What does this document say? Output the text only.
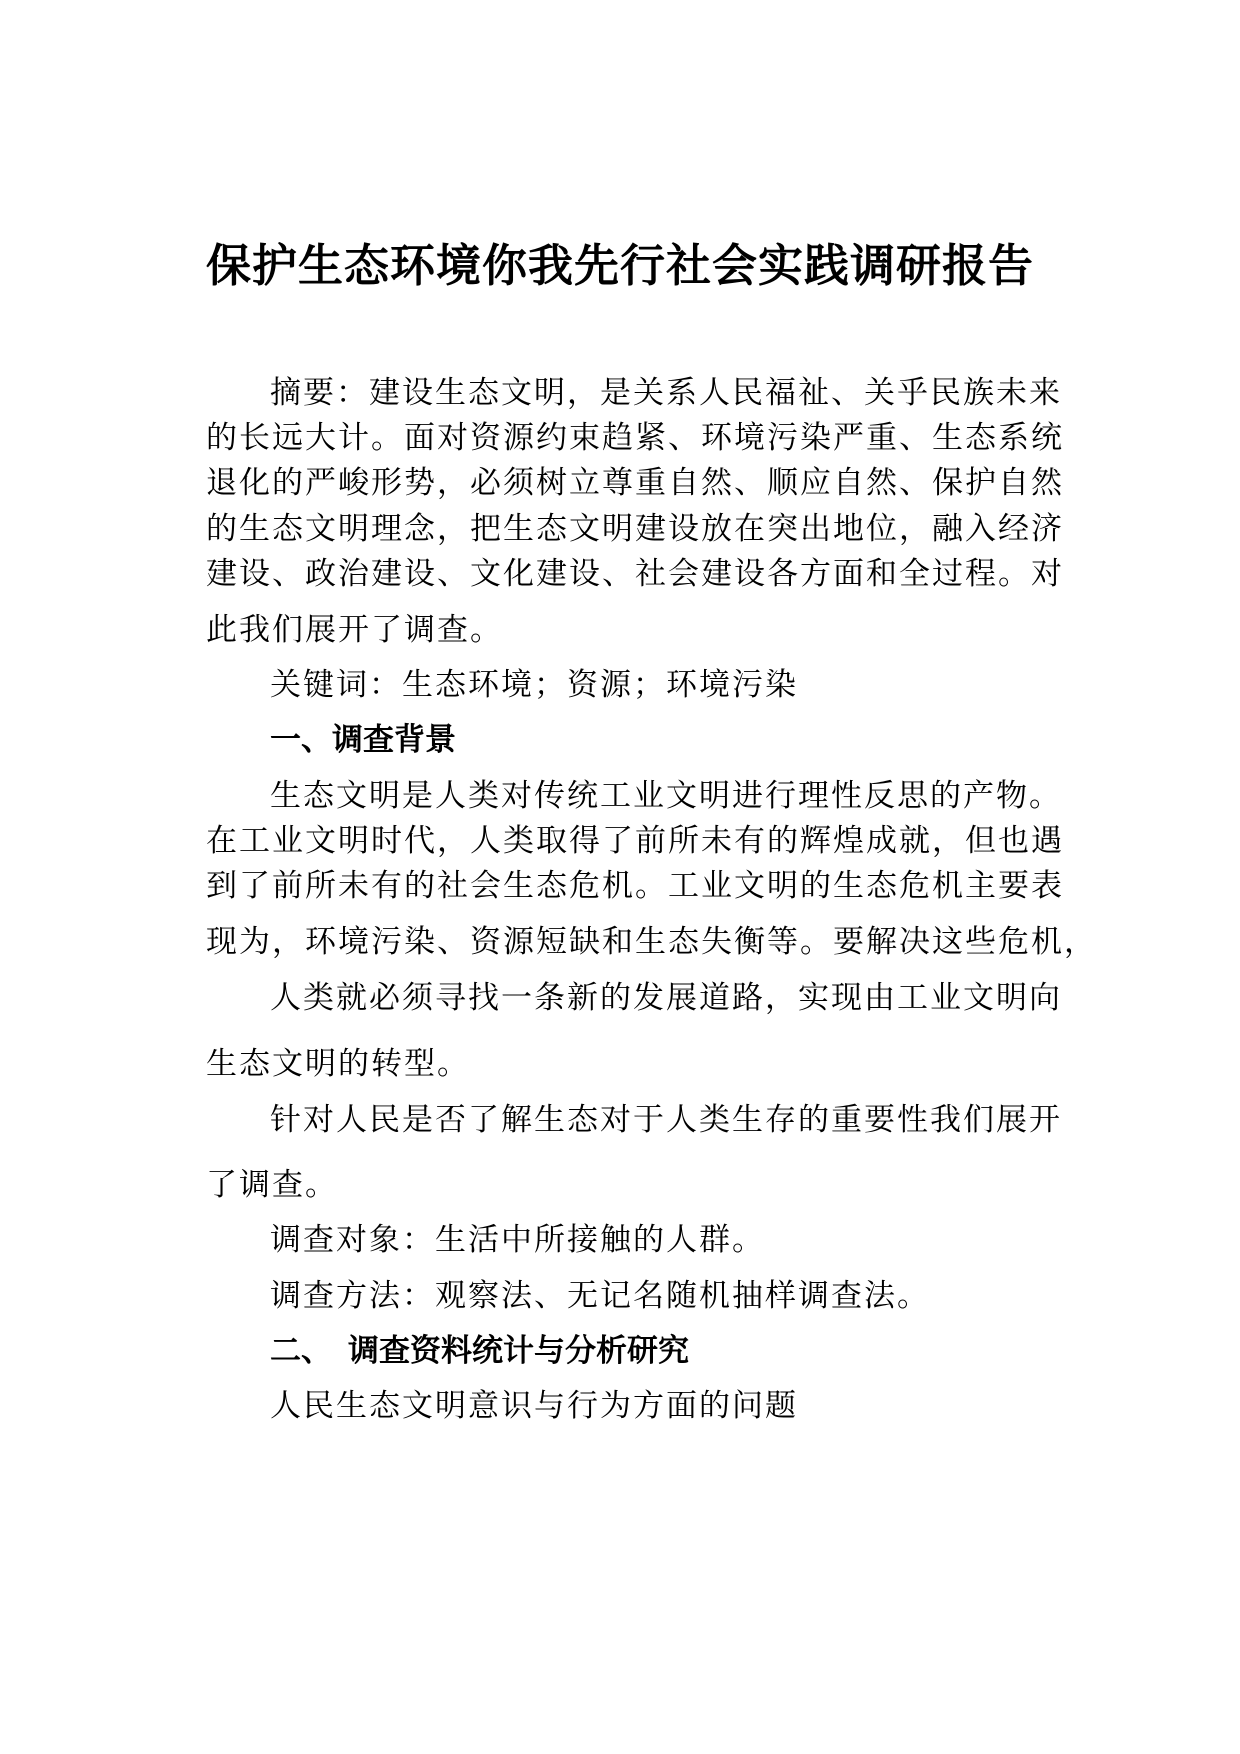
保护生态环境你我先行社会实践调研报告
摘要：建设生态文明，是关系人民福祉、关乎民族未来
的长远大计。面对资源约束趋紧、环境污染严重、生态系统
退化的严峻形势，必须树立尊重自然、顺应自然、保护自然
的生态文明理念，把生态文明建设放在突出地位，融入经济
建设、政治建设、文化建设、社会建设各方面和全过程。对
此我们展开了调查。
关键词：生态环境；资源；环境污染
一、调查背景
生态文明是人类对传统工业文明进行理性反思的产物。
在工业文明时代，人类取得了前所未有的辉煌成就，但也遇
到了前所未有的社会生态危机。工业文明的生态危机主要表
现为，环境污染、资源短缺和生态失衡等。要解决这些危机，
人类就必须寻找一条新的发展道路，实现由工业文明向
生态文明的转型。
针对人民是否了解生态对于人类生存的重要性我们展开
了调查。
调查对象：生活中所接触的人群。
调查方法：观察法、无记名随机抽样调查法。
二、 调查资料统计与分析研究
人民生态文明意识与行为方面的问题
